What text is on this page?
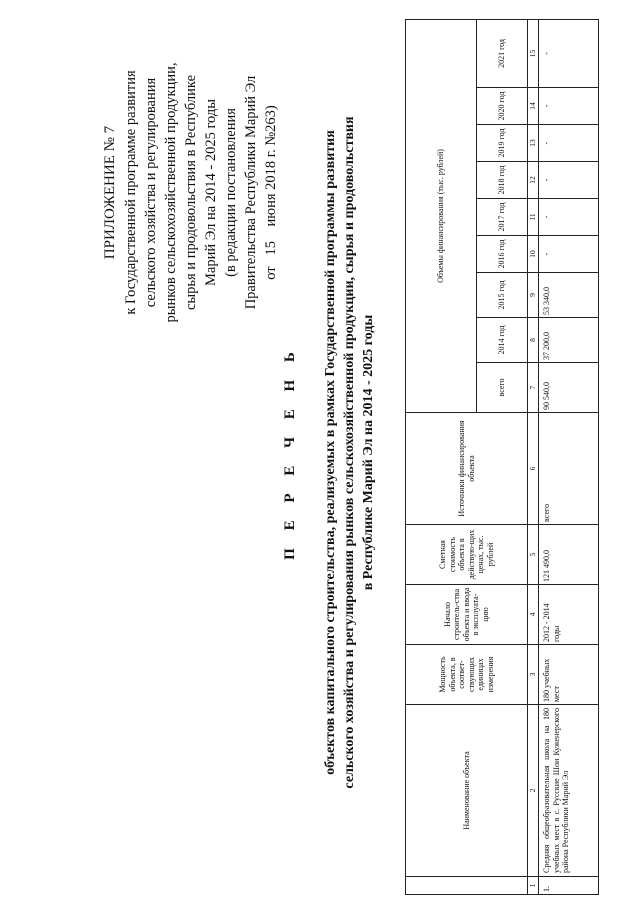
ПРИЛОЖЕНИЕ № 7 к Государственной программе развития сельского хозяйства и регулирования рынков сельскохозяйственной продукции, сырья и продовольствия в Республике Марий Эл на 2014 - 2025 годы (в редакции постановления Правительства Республики Марий Эл от   15    июня 2018 г. №263)
П Е Р Е Ч Е Н Ь объектов капитального строительства, реализуемых в рамках Государственной программы развития сельского хозяйства и регулирования рынков сельскохозяйственной продукции, сырья и продовольствия в Республике Марий Эл на 2014 - 2025 годы
	Наименование объекта	Мощность объекта, в соответ-ствующих единицах измерения	Начало строитель-ства объекта и ввода в эксплуата-цию	Сметная стоимость объекта в действую-щих ценах, тыс. рублей	Источники финансирования объекта	Объемы финансирования (тыс. рублей)								
						всего	2014 год	2015 год	2016 год	2017 год	2018 год	2019 год	2020 год	2021 год
1	2	3	4	5	6	7	8	9	10	11	12	13	14	15
1.	Средняя общеобразовательная школа на 180 учебных мест в с. Русские Шои Куженерского района Республики Марий Эл	180 учебных мест	2012 - 2014 годы	121 490,0	всего	90 540,0	37 200,0	53 340,0	-	-	-	-	-	-
